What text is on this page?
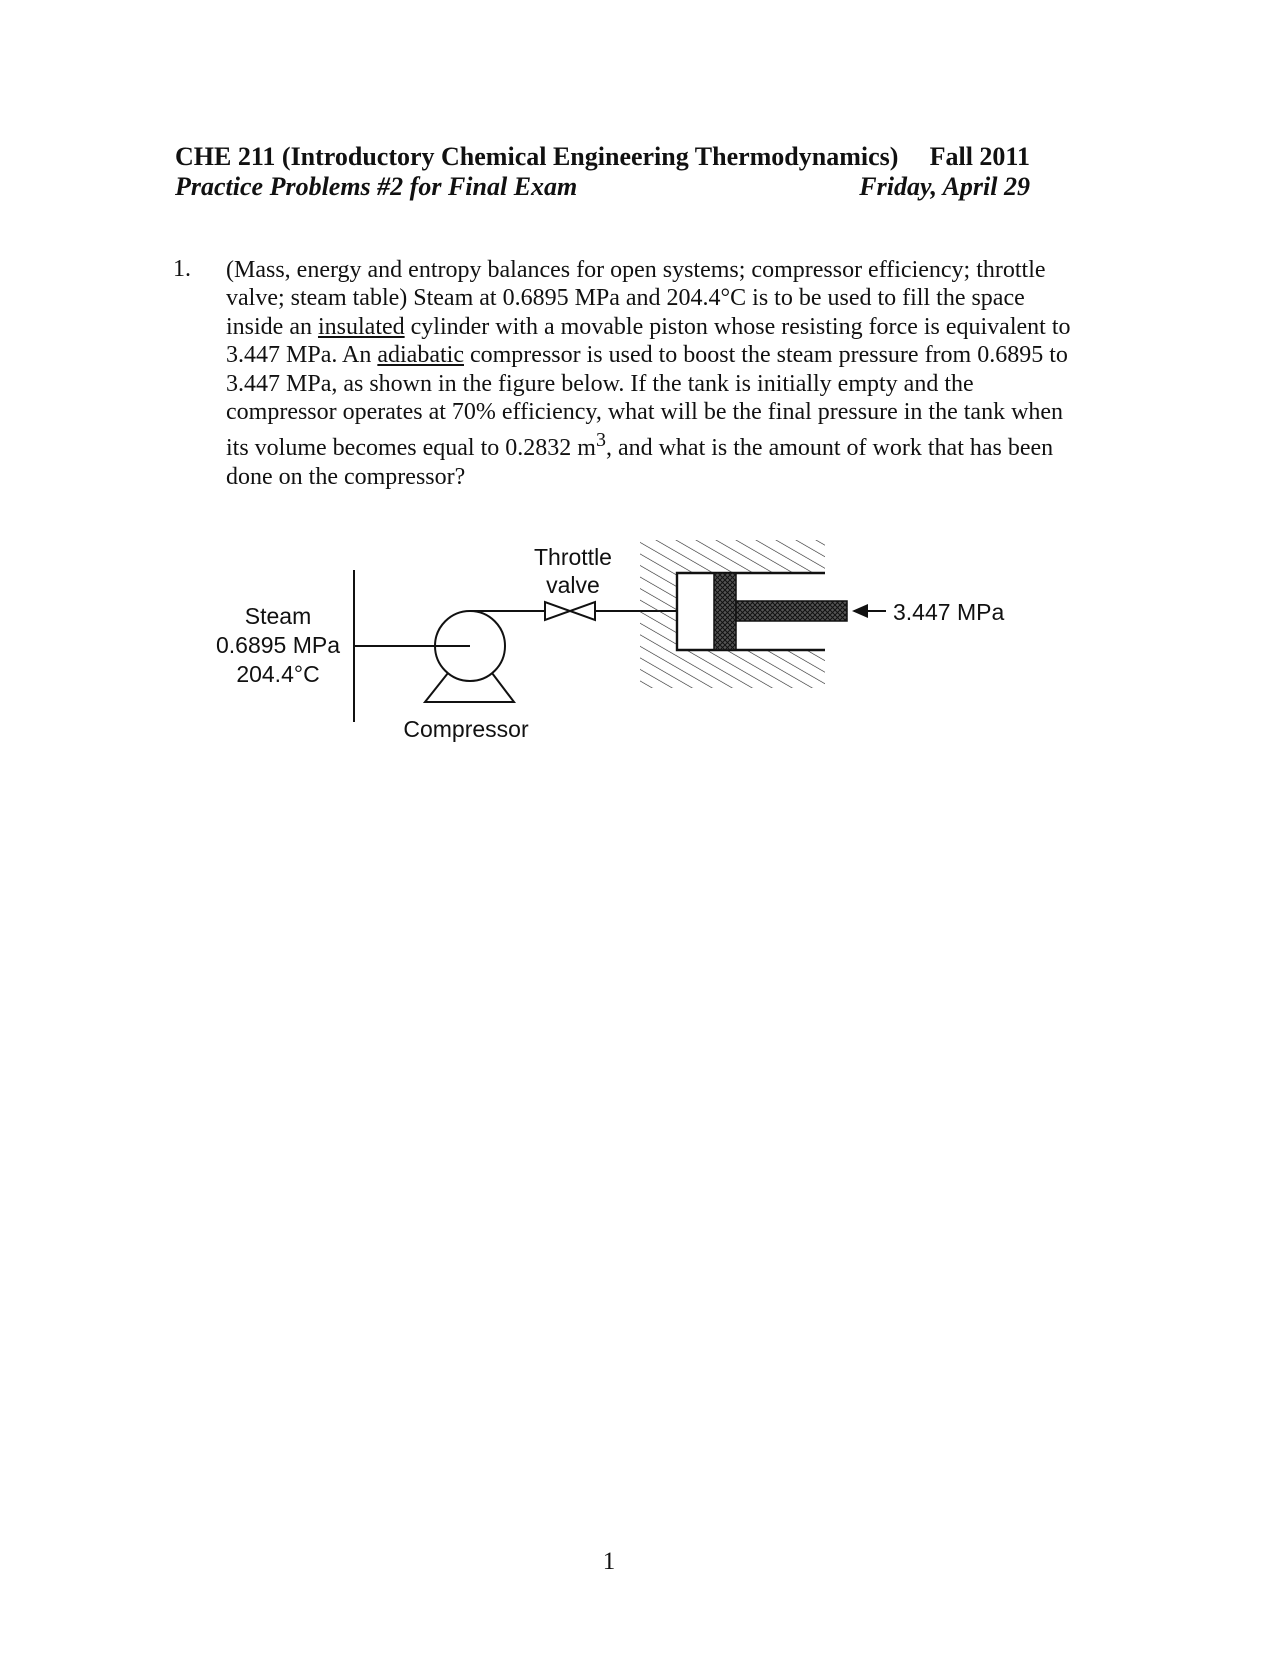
CHE 211 (Introductory Chemical Engineering Thermodynamics) Fall 2011
Practice Problems #2 for Final Exam	Friday, April 29
1. (Mass, energy and entropy balances for open systems; compressor efficiency; throttle valve; steam table) Steam at 0.6895 MPa and 204.4°C is to be used to fill the space inside an insulated cylinder with a movable piston whose resisting force is equivalent to 3.447 MPa. An adiabatic compressor is used to boost the steam pressure from 0.6895 to 3.447 MPa, as shown in the figure below. If the tank is initially empty and the compressor operates at 70% efficiency, what will be the final pressure in the tank when its volume becomes equal to 0.2832 $m^3$, and what is the amount of work that has been done on the compressor?
Steam
0.6895 MPa
204.4°C
Compressor
Throttle
valve
3.447 MPa
1
